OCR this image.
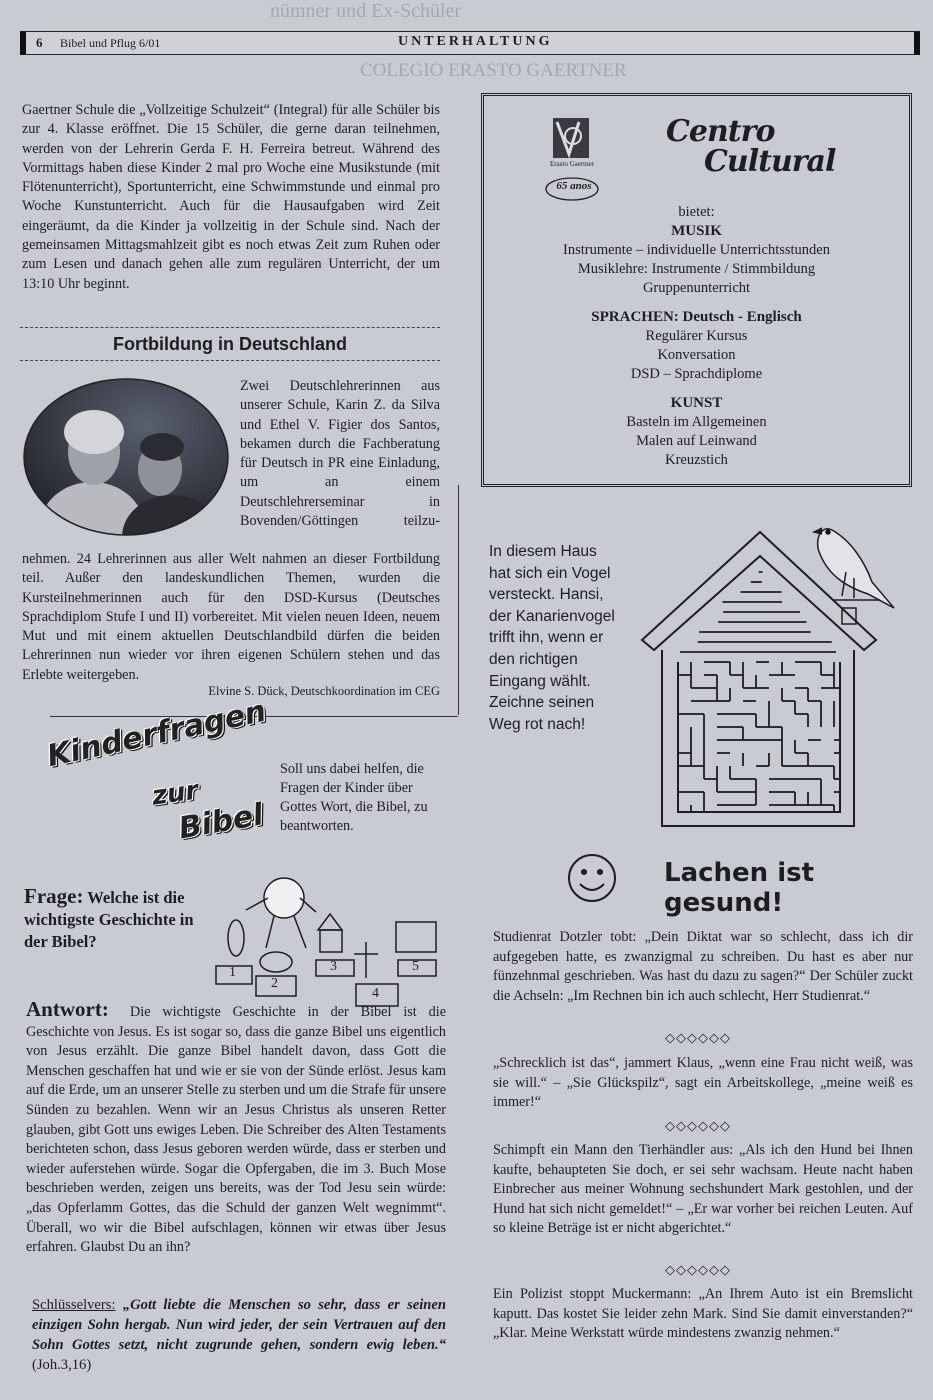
nümner und Ex-Schüler
COLEGIO ERASTO GAERTNER
6 Bibel und Pflug 6/01	UNTERHALTUNG
Gaertner Schule die „Vollzeitige Schulzeit“ (Integral) für alle Schüler bis zur 4. Klasse eröffnet. Die 15 Schüler, die gerne daran teilnehmen, werden von der Lehrerin Gerda F. H. Ferreira betreut. Während des Vormittags haben diese Kinder 2 mal pro Woche eine Musikstunde (mit Flötenunterricht), Sportunterricht, eine Schwimmstunde und einmal pro Woche Kunstunterricht. Auch für die Hausaufgaben wird Zeit eingeräumt, da die Kinder ja vollzeitig in der Schule sind. Nach der gemeinsamen Mittagsmahlzeit gibt es noch etwas Zeit zum Ruhen oder zum Lesen und danach gehen alle zum regulären Unterricht, der um 13:10 Uhr beginnt.
Fortbildung in Deutschland
Zwei Deutschlehrerinnen aus unserer Schule, Karin Z. da Silva und Ethel V. Figier dos Santos, bekamen durch die Fachberatung für Deutsch in PR eine Einladung, um an einem Deutschlehrerseminar in Bovenden/Göttingen teilzu-
nehmen. 24 Lehrerinnen aus aller Welt nahmen an dieser Fortbildung teil. Außer den landeskundlichen Themen, wurden die Kursteilnehmerinnen auch für den DSD-Kursus (Deutsches Sprachdiplom Stufe I und II) vorbereitet. Mit vielen neuen Ideen, neuem Mut und mit einem aktuellen Deutschlandbild dürfen die beiden Lehrerinnen nun wieder vor ihren eigenen Schülern stehen und das Erlebte weitergeben.
Elvine S. Dück, Deutschkoordination im CEG
Erasto Gaertner
65 anos
Centro
Cultural
bietet:
MUSIK
Instrumente – individuelle Unterrichtsstunden
Musiklehre: Instrumente / Stimmbildung
Gruppenunterricht
SPRACHEN: Deutsch - Englisch
Regulärer Kursus
Konversation
DSD – Sprachdiplome
KUNST
Basteln im Allgemeinen
Malen auf Leinwand
Kreuzstich
In diesem Haus hat sich ein Vogel versteckt. Hansi, der Kanarienvogel trifft ihn, wenn er den richtigen Eingang wählt. Zeichne seinen Weg rot nach!
Kinderfragen
zur
Bibel
Soll uns dabei helfen, die Fragen der Kinder über Gottes Wort, die Bibel, zu beantworten.
Frage: Welche ist die wichtigste Geschichte in der Bibel?
1
2
3
4
5
Antwort:	Die wichtigste Geschichte in der Bibel ist die Geschichte von Jesus. Es ist sogar so, dass die ganze Bibel uns eigentlich von Jesus erzählt. Die ganze Bibel handelt davon, dass Gott die Menschen geschaffen hat und wie er sie von der Sünde erlöst. Jesus kam auf die Erde, um an unserer Stelle zu sterben und um die Strafe für unsere Sünden zu bezahlen. Wenn wir an Jesus Christus als unseren Retter glauben, gibt Gott uns ewiges Leben. Die Schreiber des Alten Testaments berichteten schon, dass Jesus geboren werden würde, dass er sterben und wieder auferstehen würde. Sogar die Opfergaben, die im 3. Buch Mose beschrieben werden, zeigen uns bereits, was der Tod Jesu sein würde: „das Opferlamm Gottes, das die Schuld der ganzen Welt wegnimmt“. Überall, wo wir die Bibel aufschlagen, können wir etwas über Jesus erfahren. Glaubst Du an ihn?
Schlüsselvers: „Gott liebte die Menschen so sehr, dass er seinen einzigen Sohn hergab. Nun wird jeder, der sein Vertrauen auf den Sohn Gottes setzt, nicht zugrunde gehen, sondern ewig leben.“ (Joh.3,16)
Lachen ist gesund!
Studienrat Dotzler tobt: „Dein Diktat war so schlecht, dass ich dir aufgegeben hatte, es zwanzigmal zu schreiben. Du hast es aber nur fünzehnmal geschrieben. Was hast du dazu zu sagen?“ Der Schüler zuckt die Achseln: „Im Rechnen bin ich auch schlecht, Herr Studienrat.“
◇◇◇◇◇◇
„Schrecklich ist das“, jammert Klaus, „wenn eine Frau nicht weiß, was sie will.“ – „Sie Glückspilz“, sagt ein Arbeitskollege, „meine weiß es immer!“
◇◇◇◇◇◇
Schimpft ein Mann den Tierhändler aus: „Als ich den Hund bei Ihnen kaufte, behaupteten Sie doch, er sei sehr wachsam. Heute nacht haben Einbrecher aus meiner Wohnung sechshundert Mark gestohlen, und der Hund hat sich nicht gemeldet!“ – „Er war vorher bei reichen Leuten. Auf so kleine Beträge ist er nicht abgerichtet.“
◇◇◇◇◇◇
Ein Polizist stoppt Muckermann: „An Ihrem Auto ist ein Bremslicht kaputt. Das kostet Sie leider zehn Mark. Sind Sie damit einverstanden?“ „Klar. Meine Werkstatt würde mindestens zwanzig nehmen.“
